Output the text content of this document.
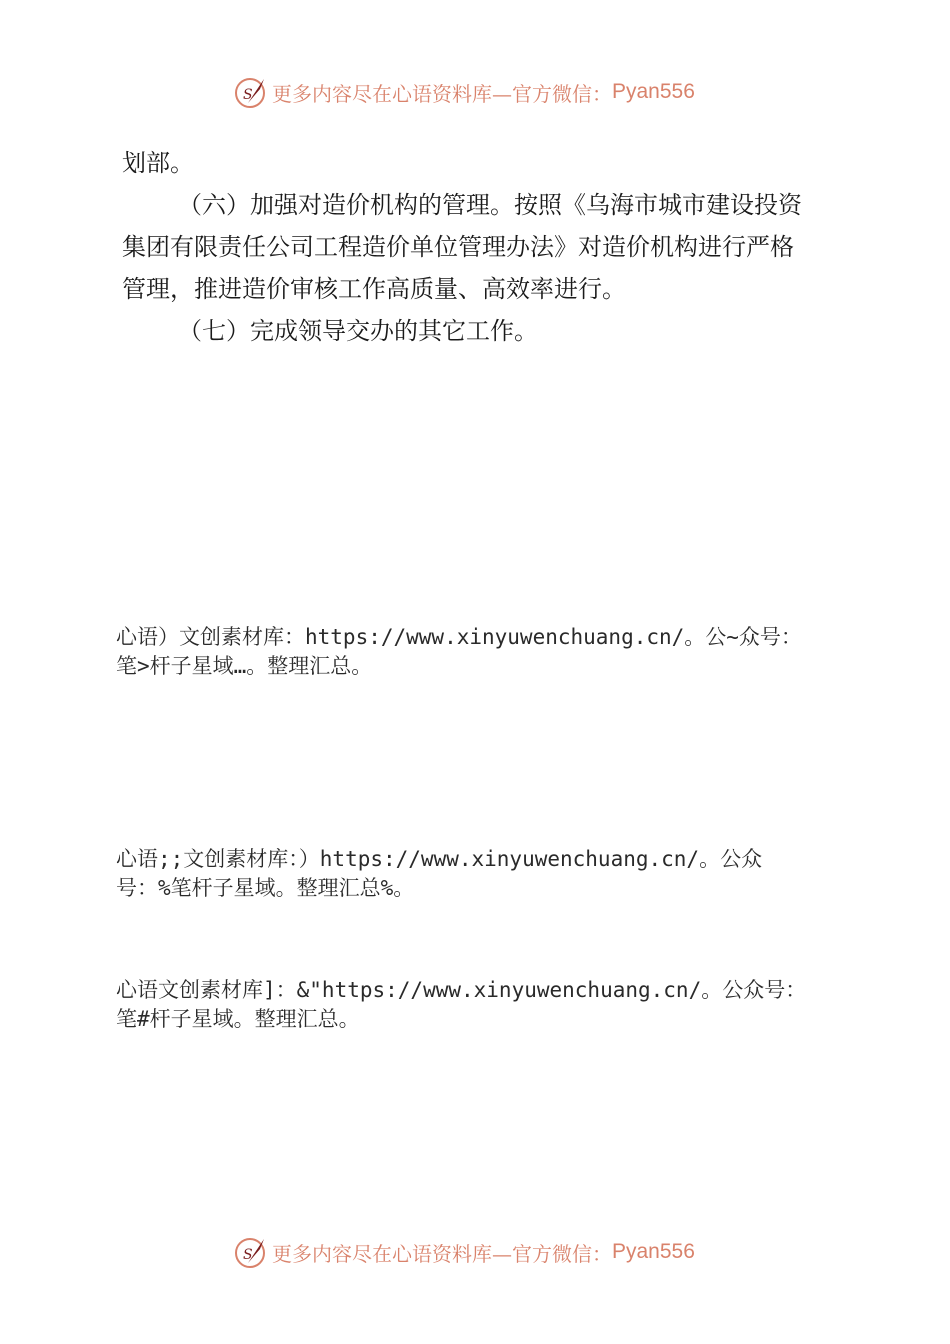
S 更多内容尽在心语资料库—官方微信： Pyan556

划部。

（六）加强对造价机构的管理。按照《乌海市城市建设投资

集团有限责任公司工程造价单位管理办法》对造价机构进行严格

管理，推进造价审核工作高质量、高效率进行。

（七）完成领导交办的其它工作。

心语）文创素材库：https://www.xinyuwenchuang.cn/。公~众号：

笔>杆子星域…。整理汇总。

心语;;文创素材库：）https://www.xinyuwenchuang.cn/。公众

号：%笔杆子星域。整理汇总%。

心语文创素材库]：&"https://www.xinyuwenchuang.cn/。公众号：

笔#杆子星域。整理汇总。

S 更多内容尽在心语资料库—官方微信： Pyan556
